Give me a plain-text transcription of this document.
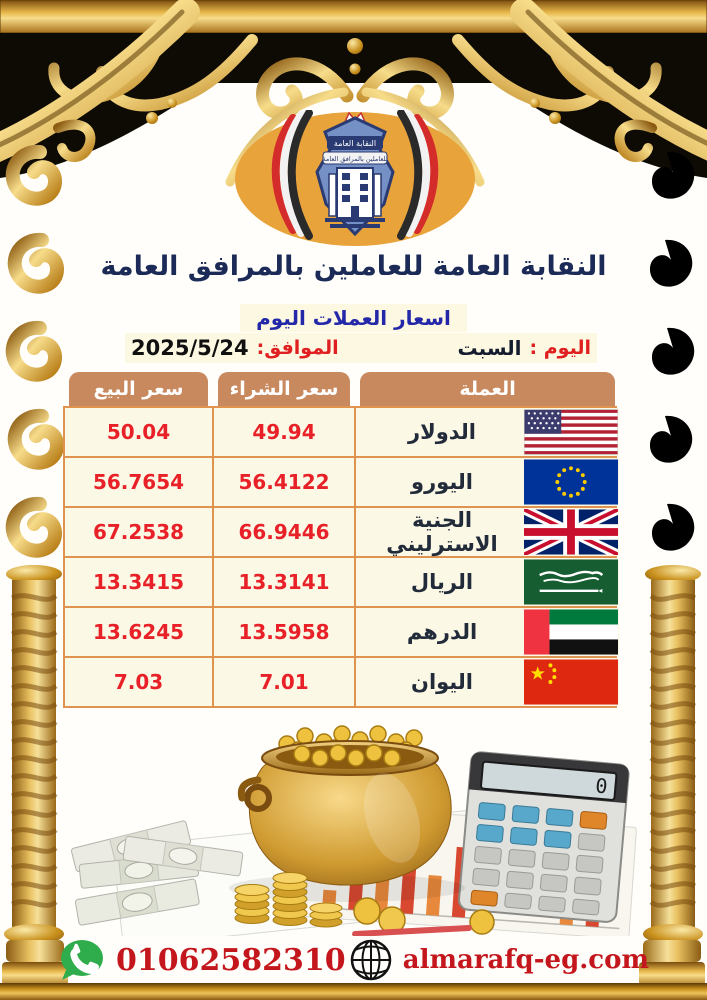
النقابة العامة
للعاملين بالمرافق العامة
النقابة العامة للعاملين بالمرافق العامة
اسعار العملات اليوم
اليوم :
السبت
الموافق:
2025/5/24
سعر البيع	سعر الشراء	العملة
50.04	49.94	الدولار
56.7654	56.4122	اليورو
67.2538	66.9446	الجنية الاسترليني
13.3415	13.3141	الريال
13.6245	13.5958	الدرهم
7.03	7.01	اليوان
0
01062582310 almarafq-eg.com
